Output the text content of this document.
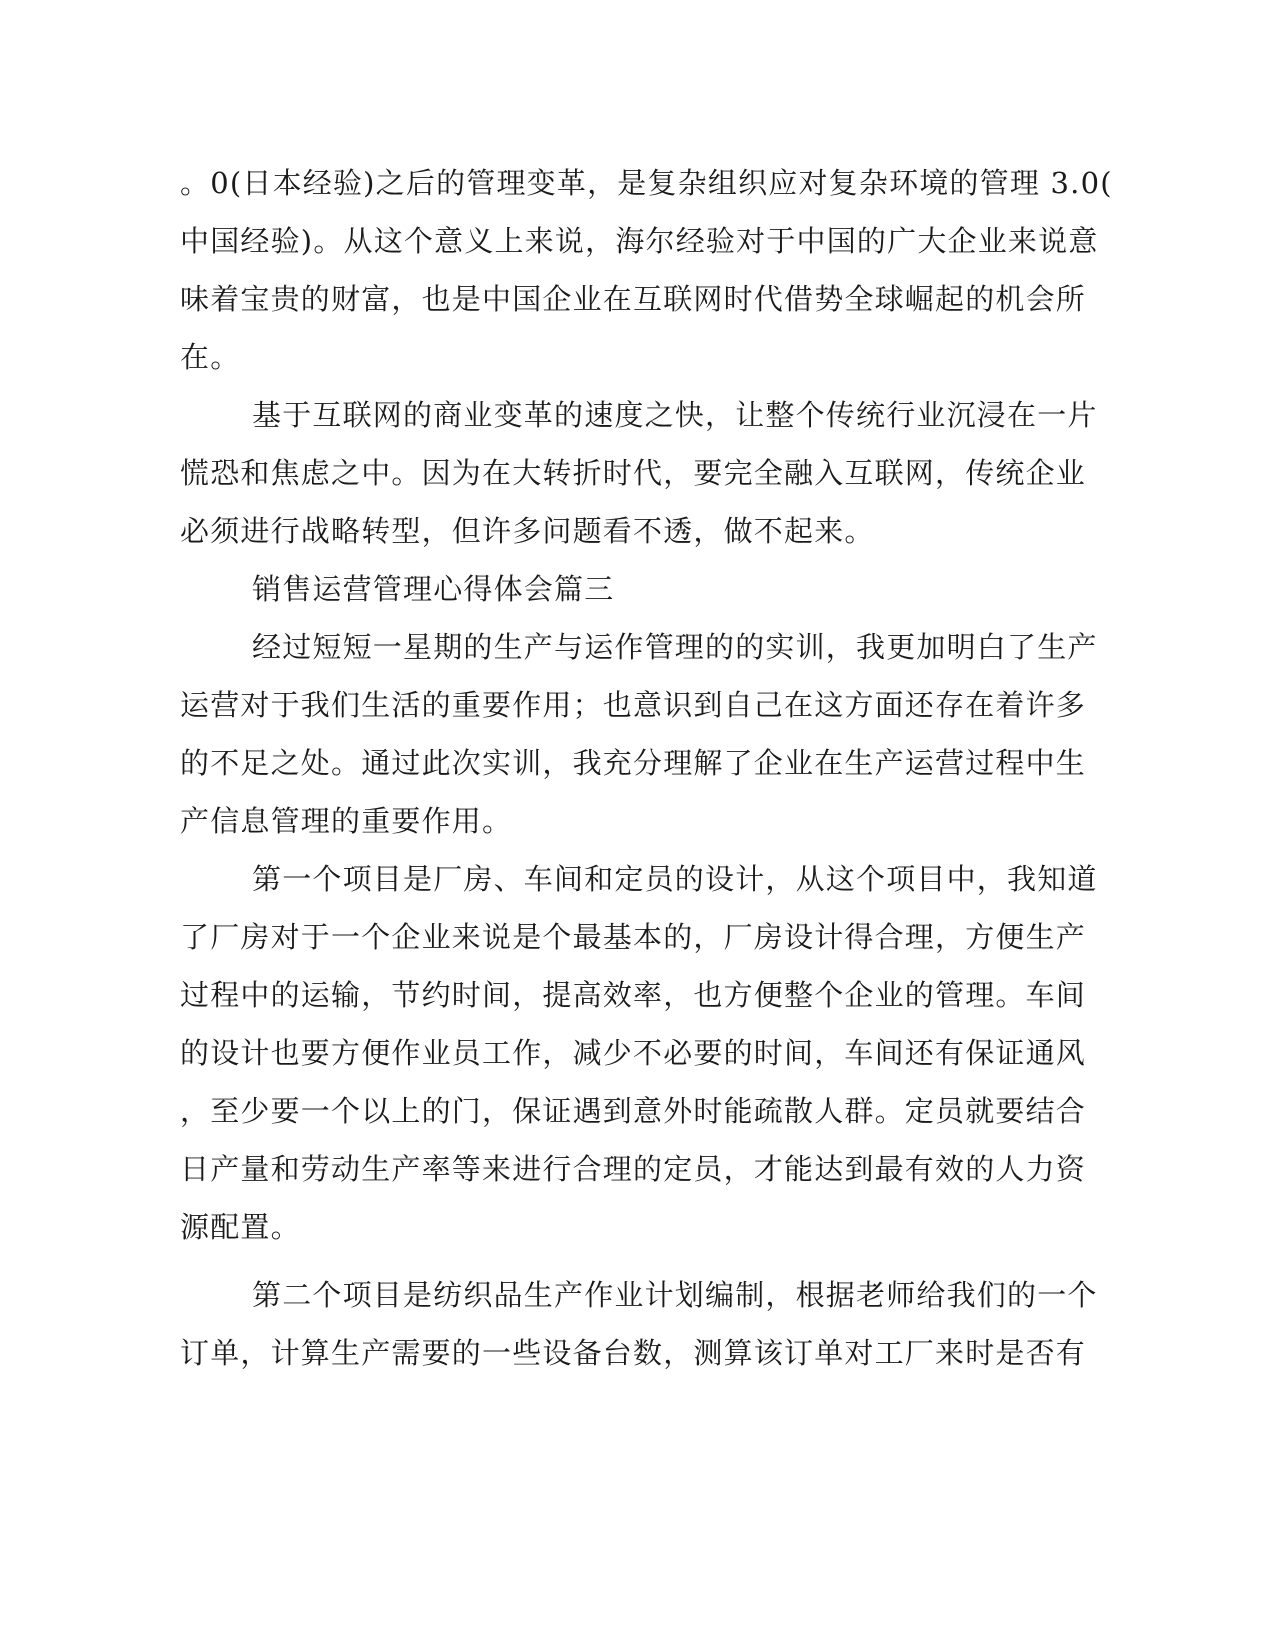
。0(日本经验)之后的管理变革，是复杂组织应对复杂环境的管理 3.0(
中国经验)。从这个意义上来说，海尔经验对于中国的广大企业来说意
味着宝贵的财富，也是中国企业在互联网时代借势全球崛起的机会所
在。
基于互联网的商业变革的速度之快，让整个传统行业沉浸在一片
慌恐和焦虑之中。因为在大转折时代，要完全融入互联网，传统企业
必须进行战略转型，但许多问题看不透，做不起来。
销售运营管理心得体会篇三
经过短短一星期的生产与运作管理的的实训，我更加明白了生产
运营对于我们生活的重要作用；也意识到自己在这方面还存在着许多
的不足之处。通过此次实训，我充分理解了企业在生产运营过程中生
产信息管理的重要作用。
第一个项目是厂房、车间和定员的设计，从这个项目中，我知道
了厂房对于一个企业来说是个最基本的，厂房设计得合理，方便生产
过程中的运输，节约时间，提高效率，也方便整个企业的管理。车间
的设计也要方便作业员工作，减少不必要的时间，车间还有保证通风
，至少要一个以上的门，保证遇到意外时能疏散人群。定员就要结合
日产量和劳动生产率等来进行合理的定员，才能达到最有效的人力资
源配置。
第二个项目是纺织品生产作业计划编制，根据老师给我们的一个
订单，计算生产需要的一些设备台数，测算该订单对工厂来时是否有
